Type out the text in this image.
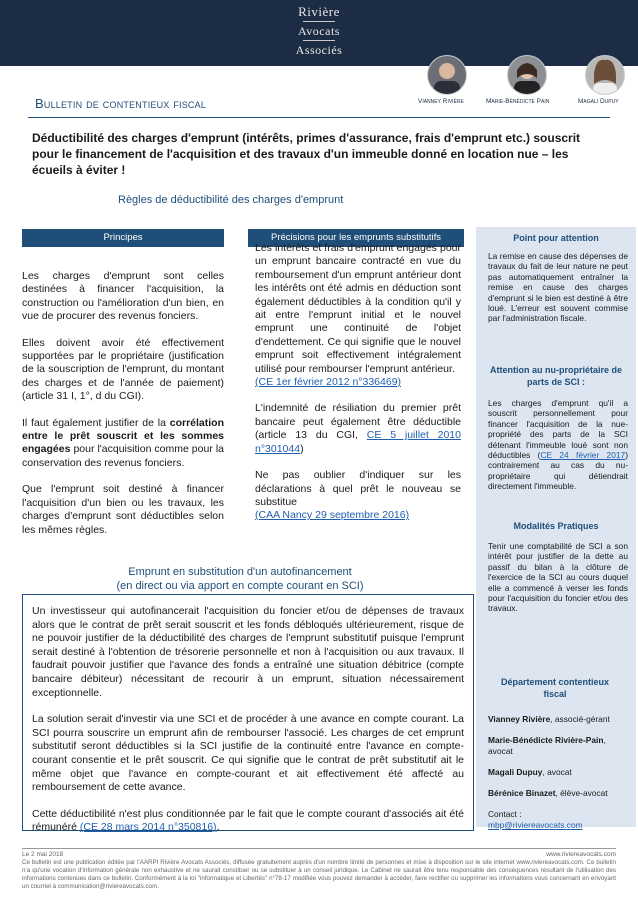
Rivière
Avocats
Associés
Vianney Rivière	Marie-Bénédicte Pain	Magali Dupuy
Bulletin de contentieux fiscal
Déductibilité des charges d'emprunt (intérêts, primes d'assurance, frais d'emprunt etc.) souscrit pour le financement de l'acquisition et des travaux d'un immeuble donné en location nue – les écueils à éviter !
Règles de déductibilité des charges d'emprunt
Point pour attention
La remise en cause des dépenses de travaux du fait de leur nature ne peut pas automatiquement entraîner la remise en cause des charges d'emprunt si le bien est destiné à être loué. L'erreur est souvent commise par l'administration fiscale.
Attention au nu-propriétaire de parts de SCI :
Les charges d'emprunt qu'il a souscrit personnellement pour financer l'acquisition de la nue-propriété des parts de la SCI détenant l'immeuble loué sont non déductibles (CE 24 février 2017) contrairement au cas du nu-propriétaire qui détiendrait directement l'immeuble.
Modalités Pratiques
Tenir une comptabilité de SCI a son intérêt pour justifier de la dette au passif du bilan à la clôture de l'exercice de la SCI au cours duquel elle a commencé à verser les fonds pour l'acquisition du foncier et/ou des travaux.
Département contentieux fiscal
Vianney Rivière, associé-gérant
Marie-Bénédicte Rivière-Pain, avocat
Magali Dupuy, avocat
Bérénice Binazet, élève-avocat
Contact :
mbp@riviereavocats.com
Principes	Précisions pour les emprunts substitutifs

Les charges d'emprunt sont celles destinées à financer l'acquisition, la construction ou l'amélioration d'un bien, en vue de procurer des revenus fonciers.

Elles doivent avoir été effectivement supportées par le propriétaire (justification de la souscription de l'emprunt, du montant des charges et de l'année de paiement) (article 31 I, 1°, d du CGI).

Il faut également justifier de la corrélation entre le prêt souscrit et les sommes engagées pour l'acquisition comme pour la conservation des revenus fonciers.

Que l'emprunt soit destiné à financer l'acquisition d'un bien ou les travaux, les charges d'emprunt sont déductibles selon les mêmes règles.

Les intérêts et frais d'emprunt engagés pour un emprunt bancaire contracté en vue du remboursement d'un emprunt antérieur dont les intérêts ont été admis en déduction sont également déductibles à la condition qu'il y ait entre l'emprunt initial et le nouvel emprunt une continuité de l'objet d'endettement. Ce qui signifie que le nouvel emprunt soit effectivement intégralement utilisé pour rembourser l'emprunt antérieur.
(CE 1er février 2012 n°336469)

L'indemnité de résiliation du premier prêt bancaire peut également être déductible (article 13 du CGI, CE 5 juillet 2010 n°301044)

Ne pas oublier d'indiquer sur les déclarations à quel prêt le nouveau se substitue
(CAA Nancy 29 septembre 2016)

Emprunt en substitution d'un autofinancement
(en direct ou via apport en compte courant en SCI)

Un investisseur qui autofinancerait l'acquisition du foncier et/ou de dépenses de travaux alors que le contrat de prêt serait souscrit et les fonds débloqués ultérieurement, risque de ne pouvoir justifier de la déductibilité des charges de l'emprunt substitutif puisque l'emprunt serait destiné à l'obtention de trésorerie personnelle et non à l'acquisition ou aux travaux. Il faudrait pouvoir justifier que l'avance des fonds a entraîné une situation débitrice (compte bancaire débiteur) nécessitant de recourir à un emprunt, situation nécessairement exceptionnelle.

La solution serait d'investir via une SCI et de procéder à une avance en compte courant. La SCI pourra souscrire un emprunt afin de rembourser l'associé. Les charges de cet emprunt substitutif seront déductibles si la SCI justifie de la continuité entre l'avance en compte-courant consentie et le prêt souscrit. Ce qui signifie que le contrat de prêt substitutif ait le même objet que l'avance en compte-courant et ait effectivement été affecté au remboursement de cette avance.

Cette déductibilité n'est plus conditionnée par le fait que le compte courant d'associés ait été rémunéré (CE 28 mars 2014 n°350816).

Le 2 mai 2018	www.riviereavocats.com
Ce bulletin est une publication éditée par l'AARPI Rivière Avocats Associés, diffusée gratuitement auprès d'un nombre limité de personnes et mise à disposition sur le site internet www.riviereavocats.com. Ce bulletin n'a qu'une vocation d'information générale non exhaustive et ne saurait constituer ou se substituer à un conseil juridique. Le Cabinet ne saurait être tenu responsable des conséquences résultant de l'utilisation des informations contenues dans ce bulletin. Conformément à la loi "informatique et Libertés" n°78-17 modifiée vous pouvez demander à accéder, faire rectifier ou supprimer les informations vous concernant en envoyant un courriel à communication@riviereavocats.com.
